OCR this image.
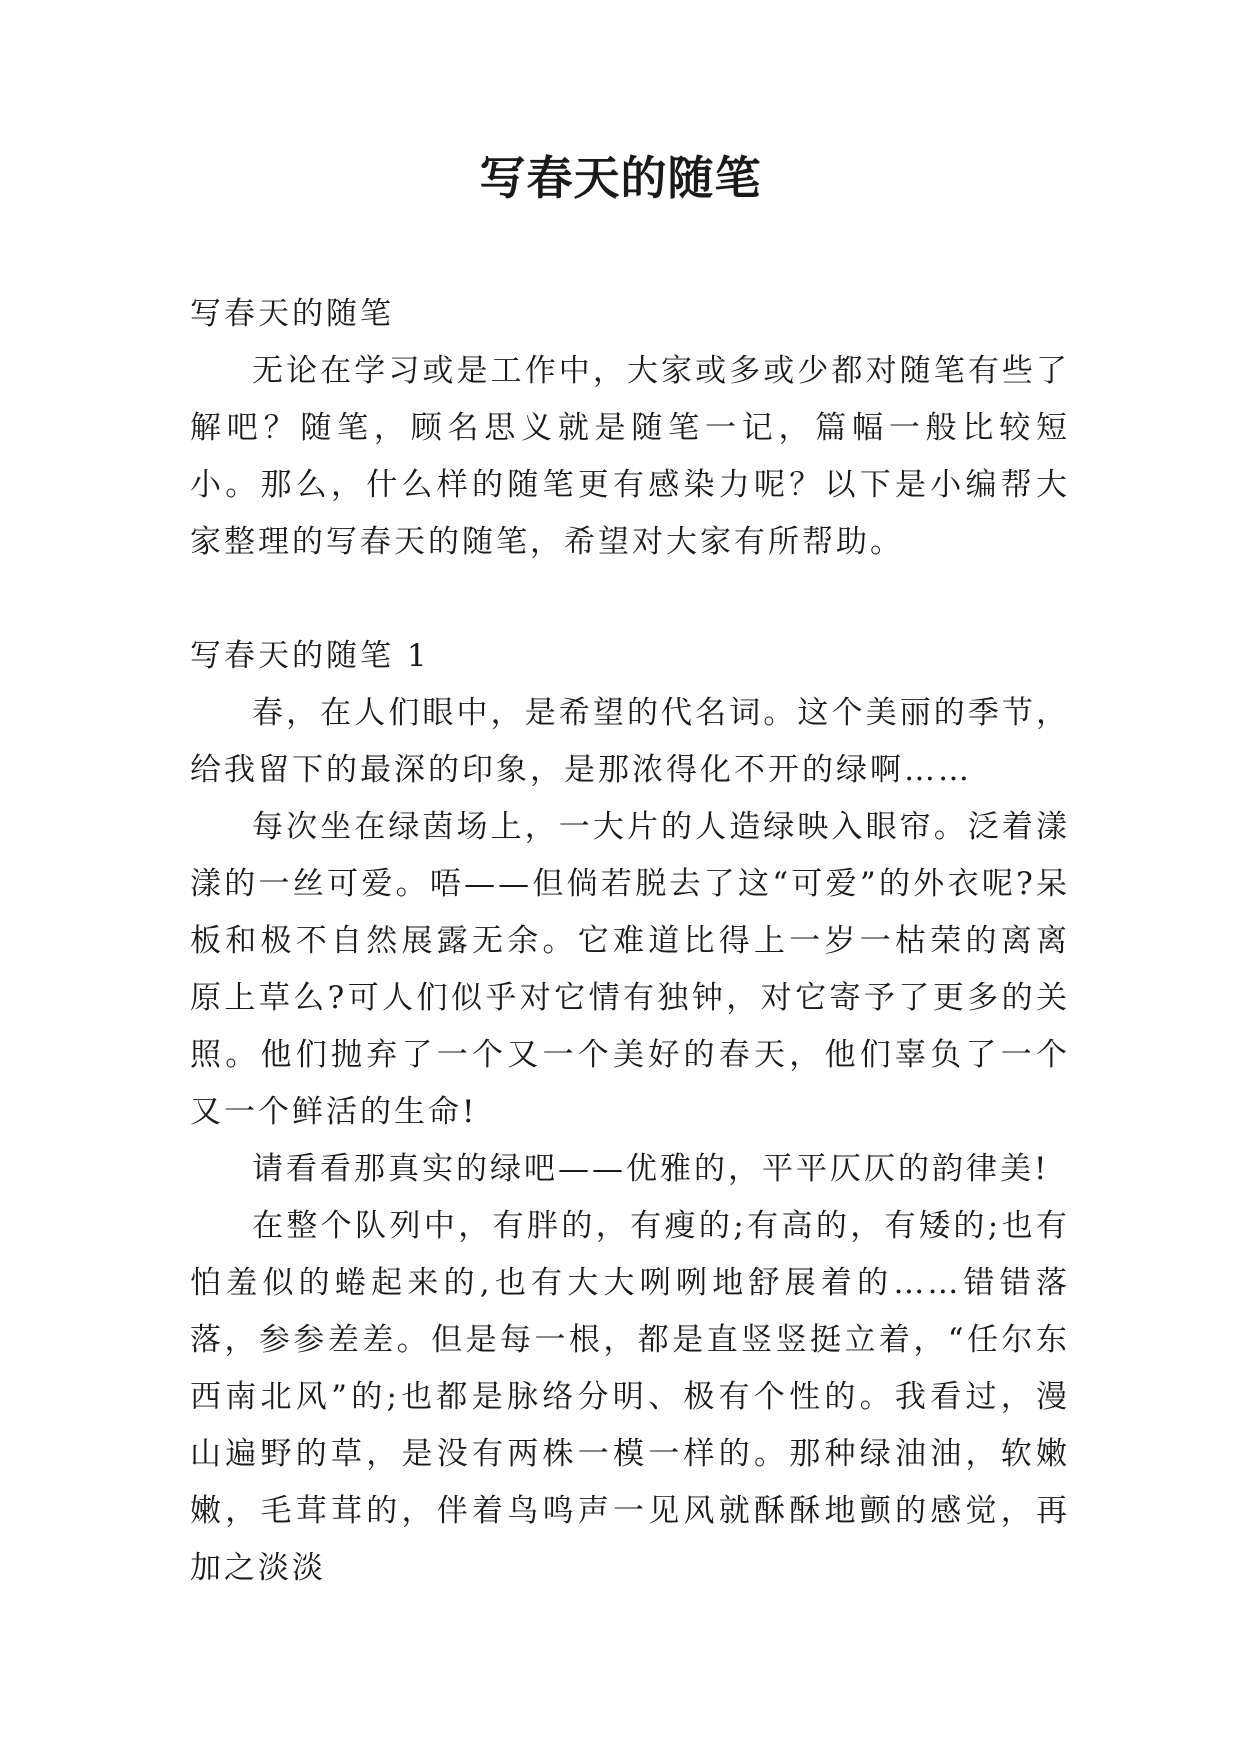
写春天的随笔

写春天的随笔

无论在学习或是工作中，大家或多或少都对随笔有些了解吧？随笔，顾名思义就是随笔一记，篇幅一般比较短小。那么，什么样的随笔更有感染力呢？以下是小编帮大家整理的写春天的随笔，希望对大家有所帮助。

写春天的随笔 1

春，在人们眼中，是希望的代名词。这个美丽的季节，给我留下的最深的印象，是那浓得化不开的绿啊……

每次坐在绿茵场上，一大片的人造绿映入眼帘。泛着漾漾的一丝可爱。唔——但倘若脱去了这“可爱”的外衣呢?呆板和极不自然展露无余。它难道比得上一岁一枯荣的离离原上草么?可人们似乎对它情有独钟，对它寄予了更多的关照。他们抛弃了一个又一个美好的春天，他们辜负了一个又一个鲜活的生命!

请看看那真实的绿吧——优雅的，平平仄仄的韵律美!

在整个队列中，有胖的，有瘦的;有高的，有矮的;也有怕羞似的蜷起来的,也有大大咧咧地舒展着的……错错落落，参参差差。但是每一根，都是直竖竖挺立着，“任尔东西南北风”的;也都是脉络分明、极有个性的。我看过，漫山遍野的草，是没有两株一模一样的。那种绿油油，软嫩嫩，毛茸茸的，伴着鸟鸣声一见风就酥酥地颤的感觉，再加之淡淡
